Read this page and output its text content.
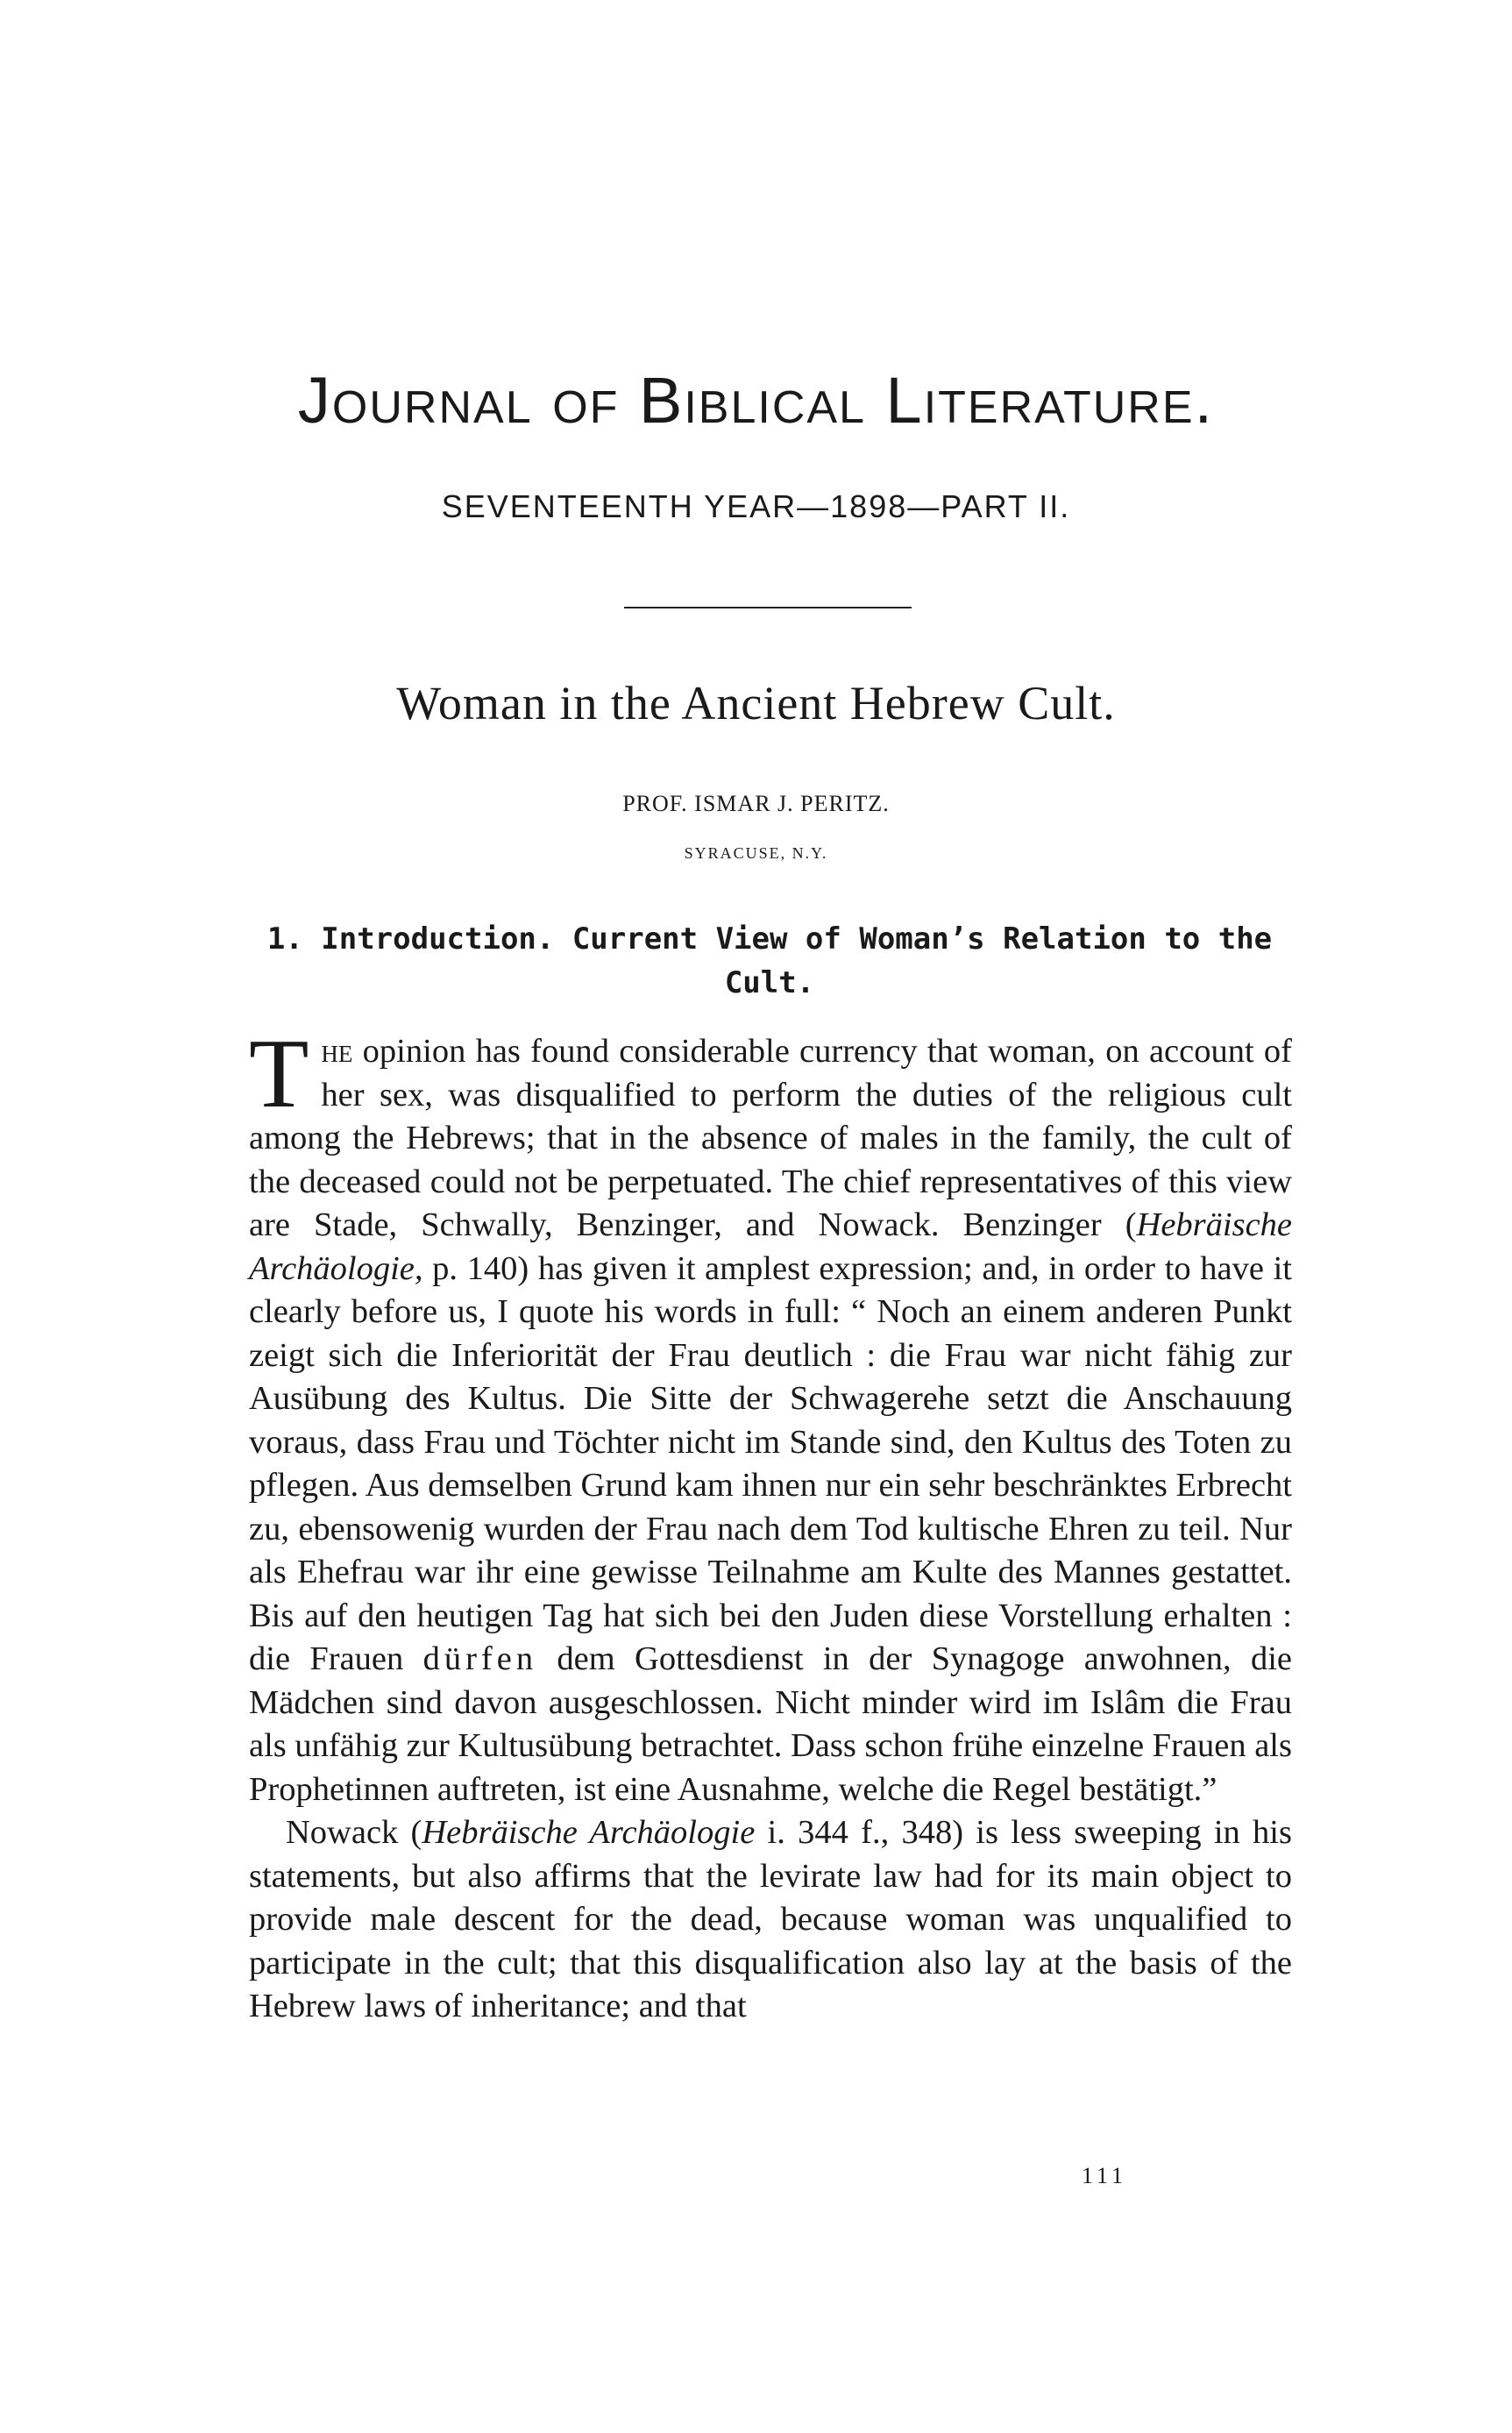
Journal of Biblical Literature.
SEVENTEENTH YEAR—1898—PART II.
Woman in the Ancient Hebrew Cult.
PROF. ISMAR J. PERITZ.
SYRACUSE, N.Y.
1. Introduction. Current View of Woman’s Relation to the Cult.

The opinion has found considerable currency that woman, on account of her sex, was disqualified to perform the duties of the religious cult among the Hebrews; that in the absence of males in the family, the cult of the deceased could not be perpetuated. The chief representatives of this view are Stade, Schwally, Benzinger, and Nowack. Benzinger (Hebräische Archäologie, p. 140) has given it amplest expression; and, in order to have it clearly before us, I quote his words in full: “ Noch an einem anderen Punkt zeigt sich die Inferiorität der Frau deutlich : die Frau war nicht fähig zur Ausübung des Kultus. Die Sitte der Schwagerehe setzt die Anschauung voraus, dass Frau und Töchter nicht im Stande sind, den Kultus des Toten zu pflegen. Aus demselben Grund kam ihnen nur ein sehr beschränktes Erbrecht zu, ebensowenig wurden der Frau nach dem Tod kultische Ehren zu teil. Nur als Ehefrau war ihr eine gewisse Teilnahme am Kulte des Mannes gestattet. Bis auf den heutigen Tag hat sich bei den Juden diese Vorstellung erhalten : die Frauen dürfen dem Gottesdienst in der Synagoge anwohnen, die Mädchen sind davon ausgeschlossen. Nicht minder wird im Islâm die Frau als unfähig zur Kultusübung betrachtet. Dass schon frühe einzelne Frauen als Prophetinnen auftreten, ist eine Ausnahme, welche die Regel bestätigt.”

Nowack (Hebräische Archäologie i. 344 f., 348) is less sweeping in his statements, but also affirms that the levirate law had for its main object to provide male descent for the dead, because woman was unqualified to participate in the cult; that this disqualification also lay at the basis of the Hebrew laws of inheritance; and that

111
